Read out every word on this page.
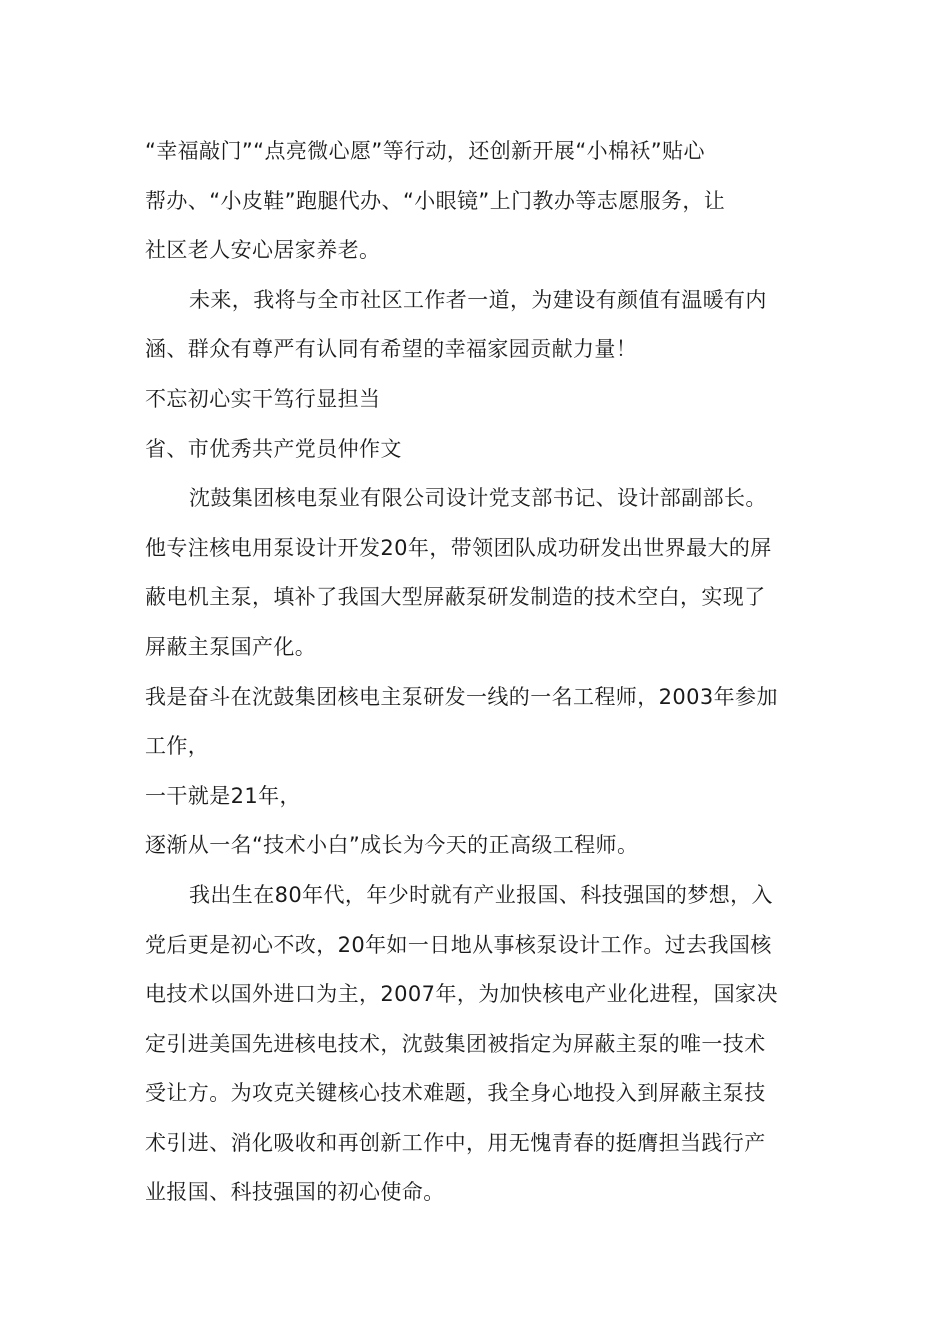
“幸福敲门”“点亮微心愿”等行动，还创新开展“小棉袄”贴心
帮办、“小皮鞋”跑腿代办、“小眼镜”上门教办等志愿服务，让
社区老人安心居家养老。
未来，我将与全市社区工作者一道，为建设有颜值有温暖有内
涵、群众有尊严有认同有希望的幸福家园贡献力量！
不忘初心实干笃行显担当
省、市优秀共产党员仲作文
沈鼓集团核电泵业有限公司设计党支部书记、设计部副部长。
他专注核电用泵设计开发20年，带领团队成功研发出世界最大的屏
蔽电机主泵，填补了我国大型屏蔽泵研发制造的技术空白，实现了
屏蔽主泵国产化。
我是奋斗在沈鼓集团核电主泵研发一线的一名工程师，2003年参加
工作，
一干就是21年，
逐渐从一名“技术小白”成长为今天的正高级工程师。
我出生在80年代，年少时就有产业报国、科技强国的梦想，入
党后更是初心不改，20年如一日地从事核泵设计工作。过去我国核
电技术以国外进口为主，2007年，为加快核电产业化进程，国家决
定引进美国先进核电技术，沈鼓集团被指定为屏蔽主泵的唯一技术
受让方。为攻克关键核心技术难题，我全身心地投入到屏蔽主泵技
术引进、消化吸收和再创新工作中，用无愧青春的挺膺担当践行产
业报国、科技强国的初心使命。
